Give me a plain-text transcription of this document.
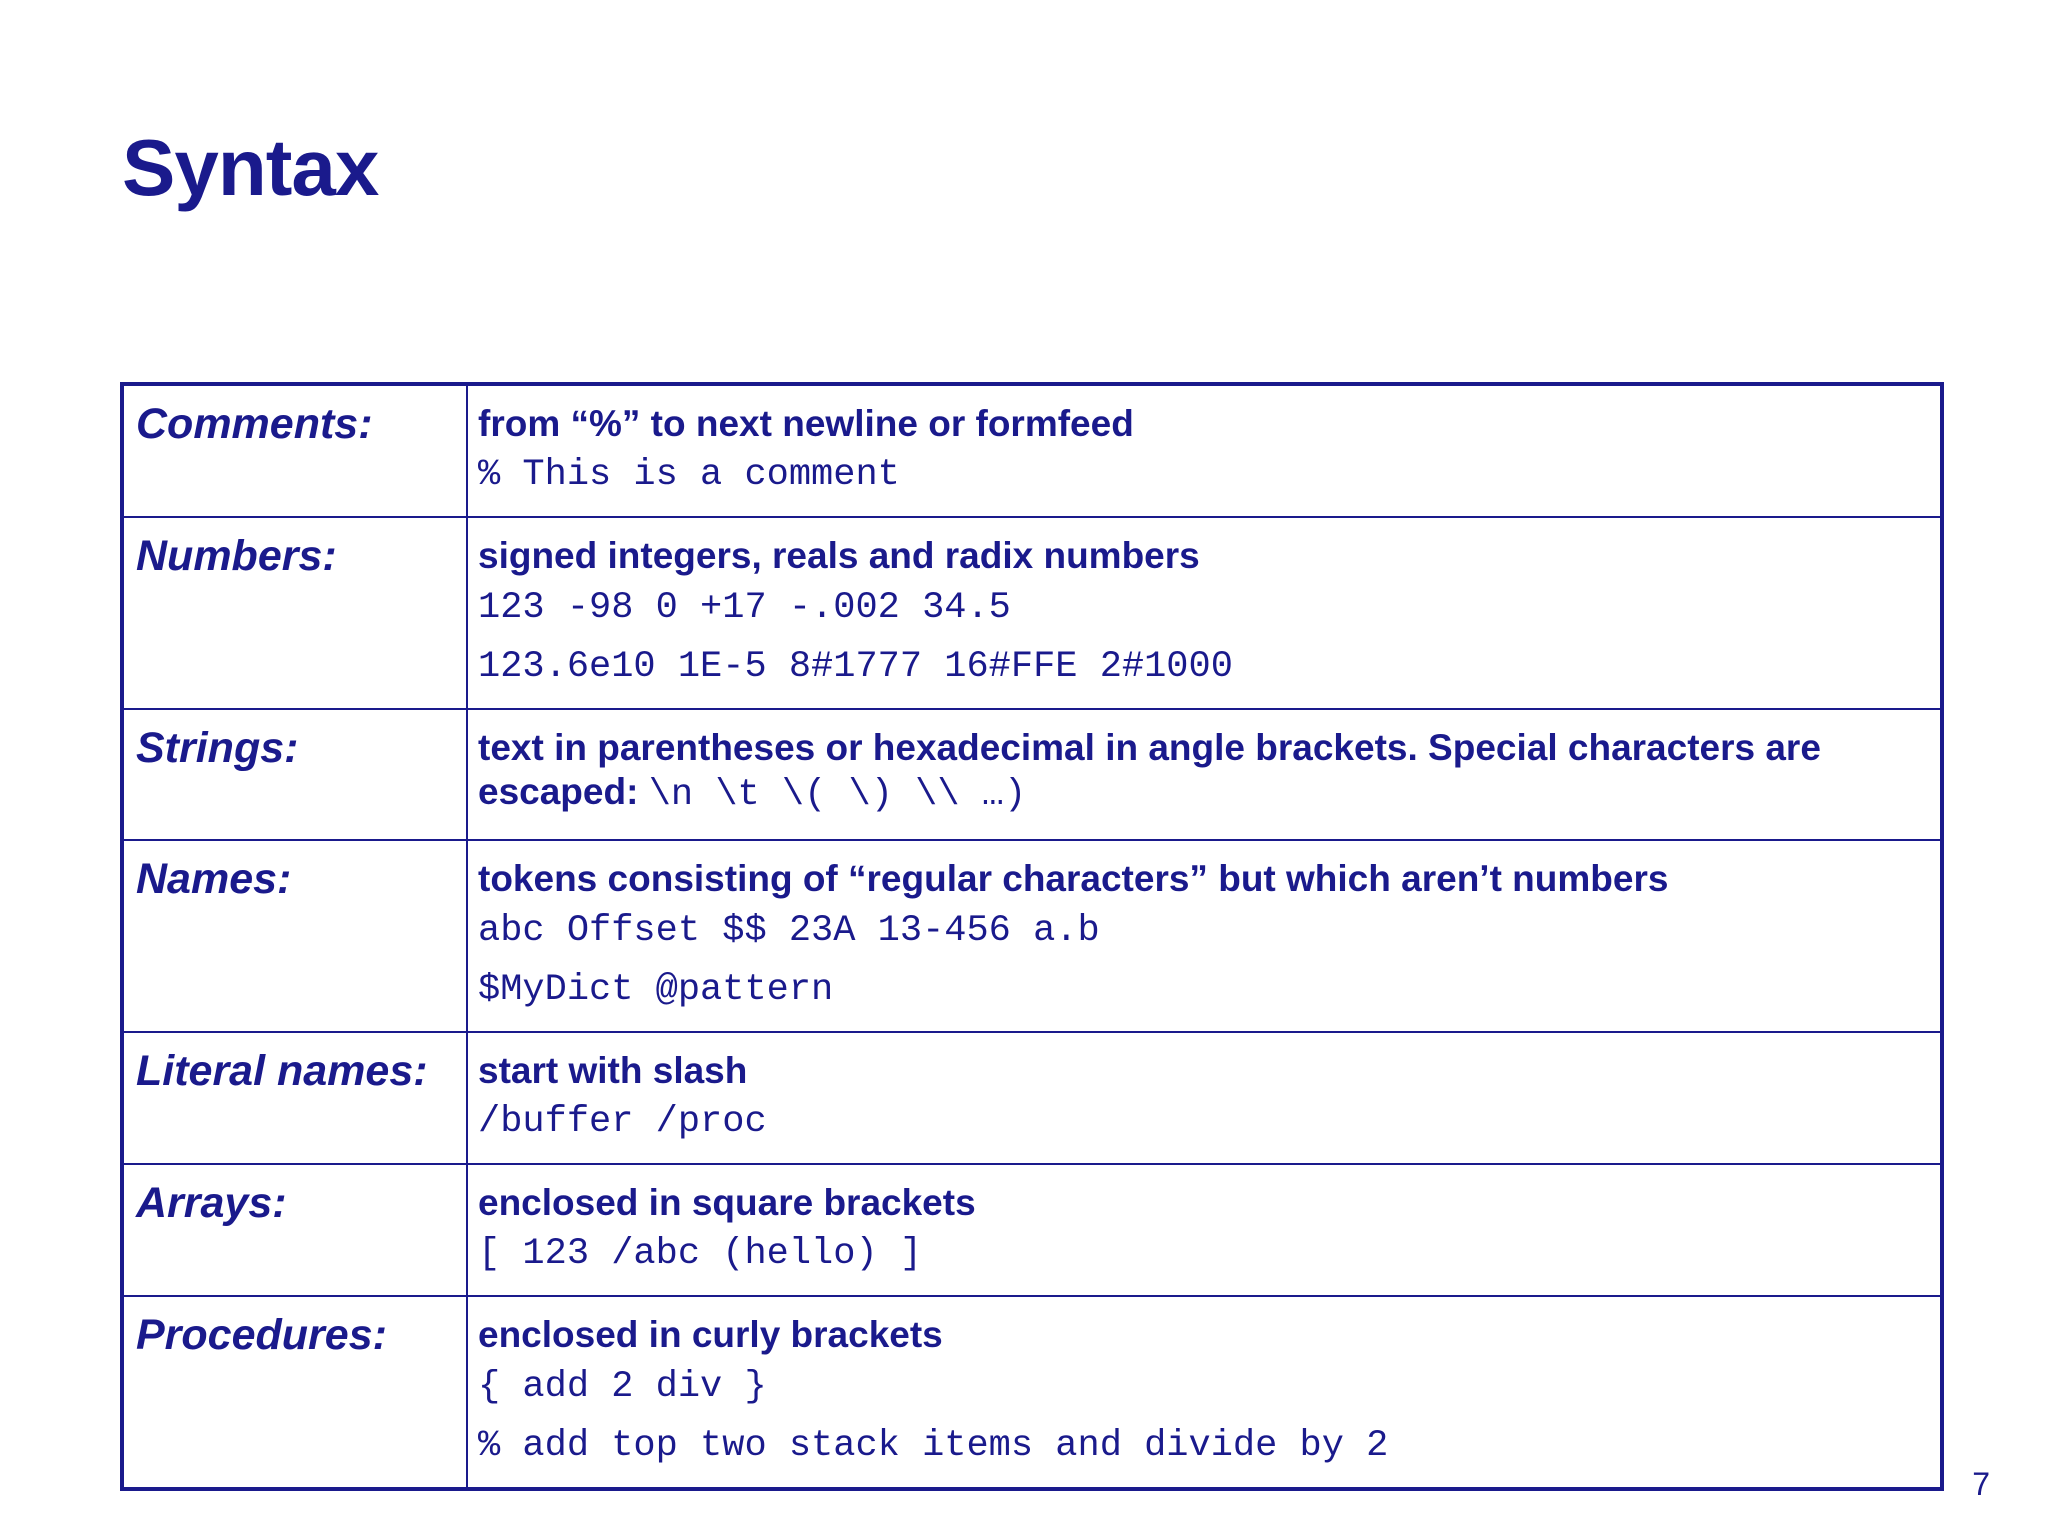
Syntax
Comments:	from “%” to next newline or formfeed
% This is a comment

Numbers:	signed integers, reals and radix numbers
123 -98 0 +17 -.002 34.5
123.6e10 1E-5 8#1777 16#FFE 2#1000

Strings:	text in parentheses or hexadecimal in angle brackets. Special characters are
escaped: \n \t \( \) \\ …)

Names:	tokens consisting of “regular characters” but which aren’t numbers
abc Offset $$ 23A 13-456 a.b
$MyDict @pattern

Literal names:	start with slash
/buffer /proc

Arrays:	enclosed in square brackets
[ 123 /abc (hello) ]

Procedures:	enclosed in curly brackets
{ add 2 div }
% add top two stack items and divide by 2
7
